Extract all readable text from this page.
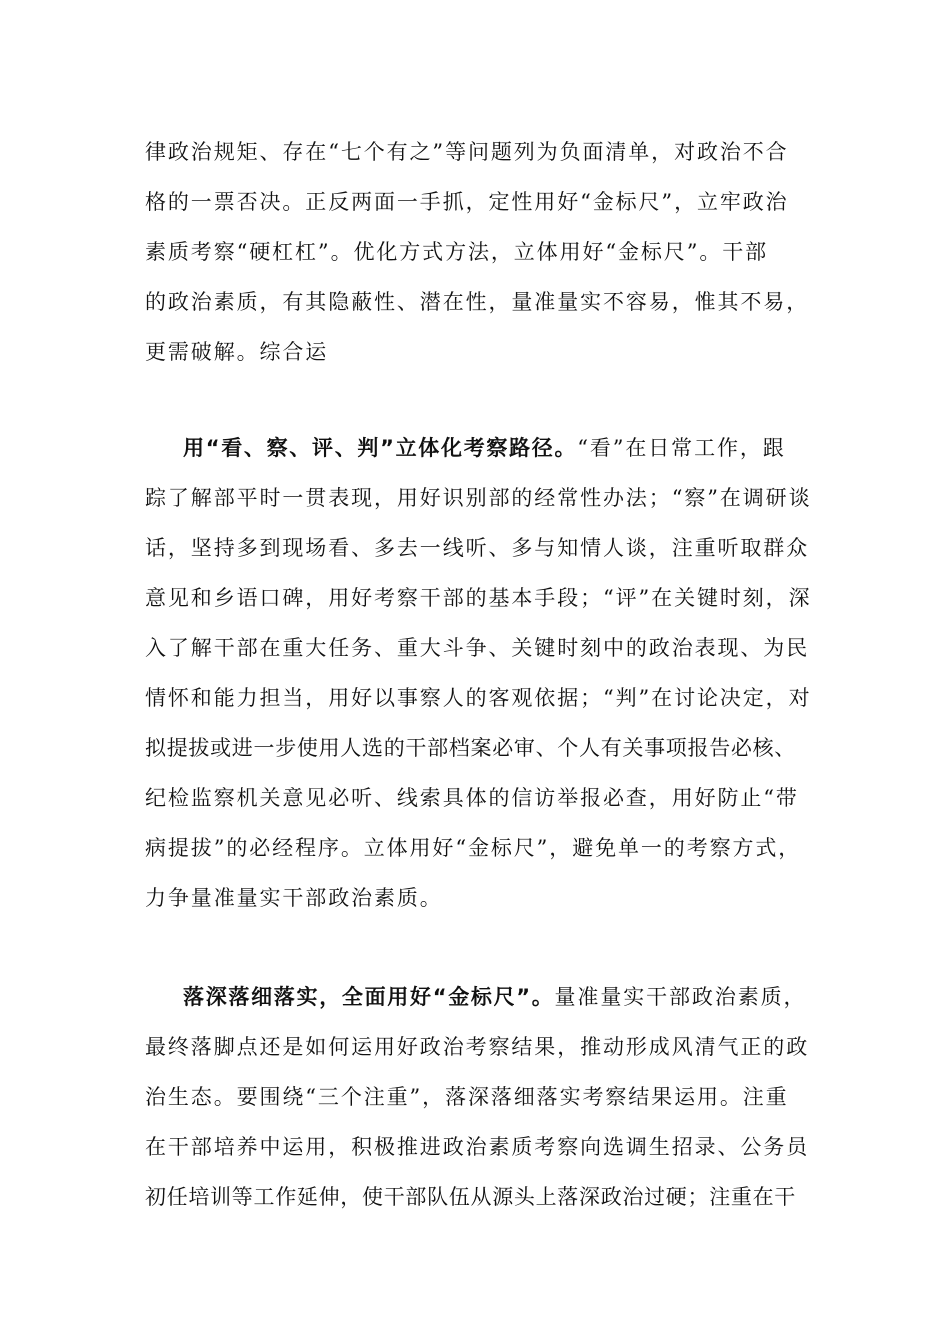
律政治规矩、存在“七个有之”等问题列为负面清单，对政治不合
格的一票否决。正反两面一手抓，定性用好“金标尺”，立牢政治
素质考察“硬杠杠”。优化方式方法，立体用好“金标尺”。干部
的政治素质，有其隐蔽性、潜在性，量准量实不容易，惟其不易，
更需破解。综合运
用“看、察、评、判”立体化考察路径。“看”在日常工作，跟
踪了解部平时一贯表现，用好识别部的经常性办法；“察”在调研谈
话，坚持多到现场看、多去一线听、多与知情人谈，注重听取群众
意见和乡语口碑，用好考察干部的基本手段；“评”在关键时刻，深
入了解干部在重大任务、重大斗争、关键时刻中的政治表现、为民
情怀和能力担当，用好以事察人的客观依据；“判”在讨论决定，对
拟提拔或进一步使用人选的干部档案必审、个人有关事项报告必核、
纪检监察机关意见必听、线索具体的信访举报必查，用好防止“带
病提拔”的必经程序。立体用好“金标尺”，避免单一的考察方式，
力争量准量实干部政治素质。
落深落细落实，全面用好“金标尺”。量准量实干部政治素质，
最终落脚点还是如何运用好政治考察结果，推动形成风清气正的政
治生态。要围绕“三个注重”，落深落细落实考察结果运用。注重
在干部培养中运用，积极推进政治素质考察向选调生招录、公务员
初任培训等工作延伸，使干部队伍从源头上落深政治过硬；注重在干
